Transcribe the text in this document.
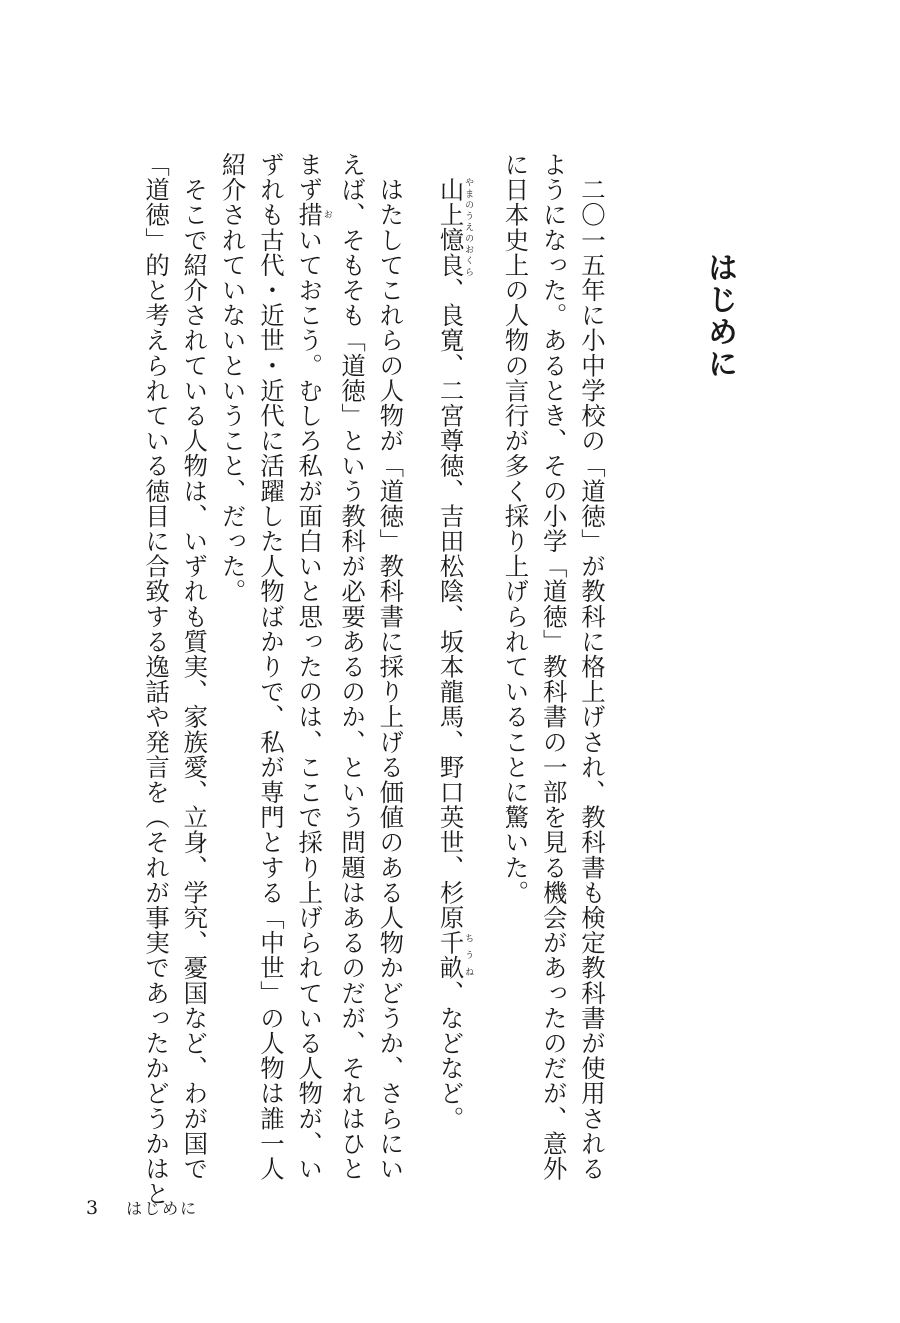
はじめに
　二〇一五年に小中学校の「道徳」が教科に格上げされ、教科書も検定教科書が使用される
ようになった。あるとき、その小学「道徳」教科書の一部を見る機会があったのだが、意外
に日本史上の人物の言行が多く採り上げられていることに驚いた。
　山上憶良やまのうえのおくら、良寛、二宮尊徳、吉田松陰、坂本龍馬、野口英世、杉原千畝ちうね、などなど。
　はたしてこれらの人物が「道徳」教科書に採り上げる価値のある人物かどうか、さらにい
えば、そもそも「道徳」という教科が必要あるのか、という問題はあるのだが、それはひと
まず措おいておこう。むしろ私が面白いと思ったのは、ここで採り上げられている人物が、い
ずれも古代・近世・近代に活躍した人物ばかりで、私が専門とする「中世」の人物は誰一人
紹介されていないということ、だった。
　そこで紹介されている人物は、いずれも質実、家族愛、立身、学究、憂国など、わが国で
「道徳」的と考えられている徳目に合致する逸話や発言を（それが事実であったかどうかはと
3 はじめに
